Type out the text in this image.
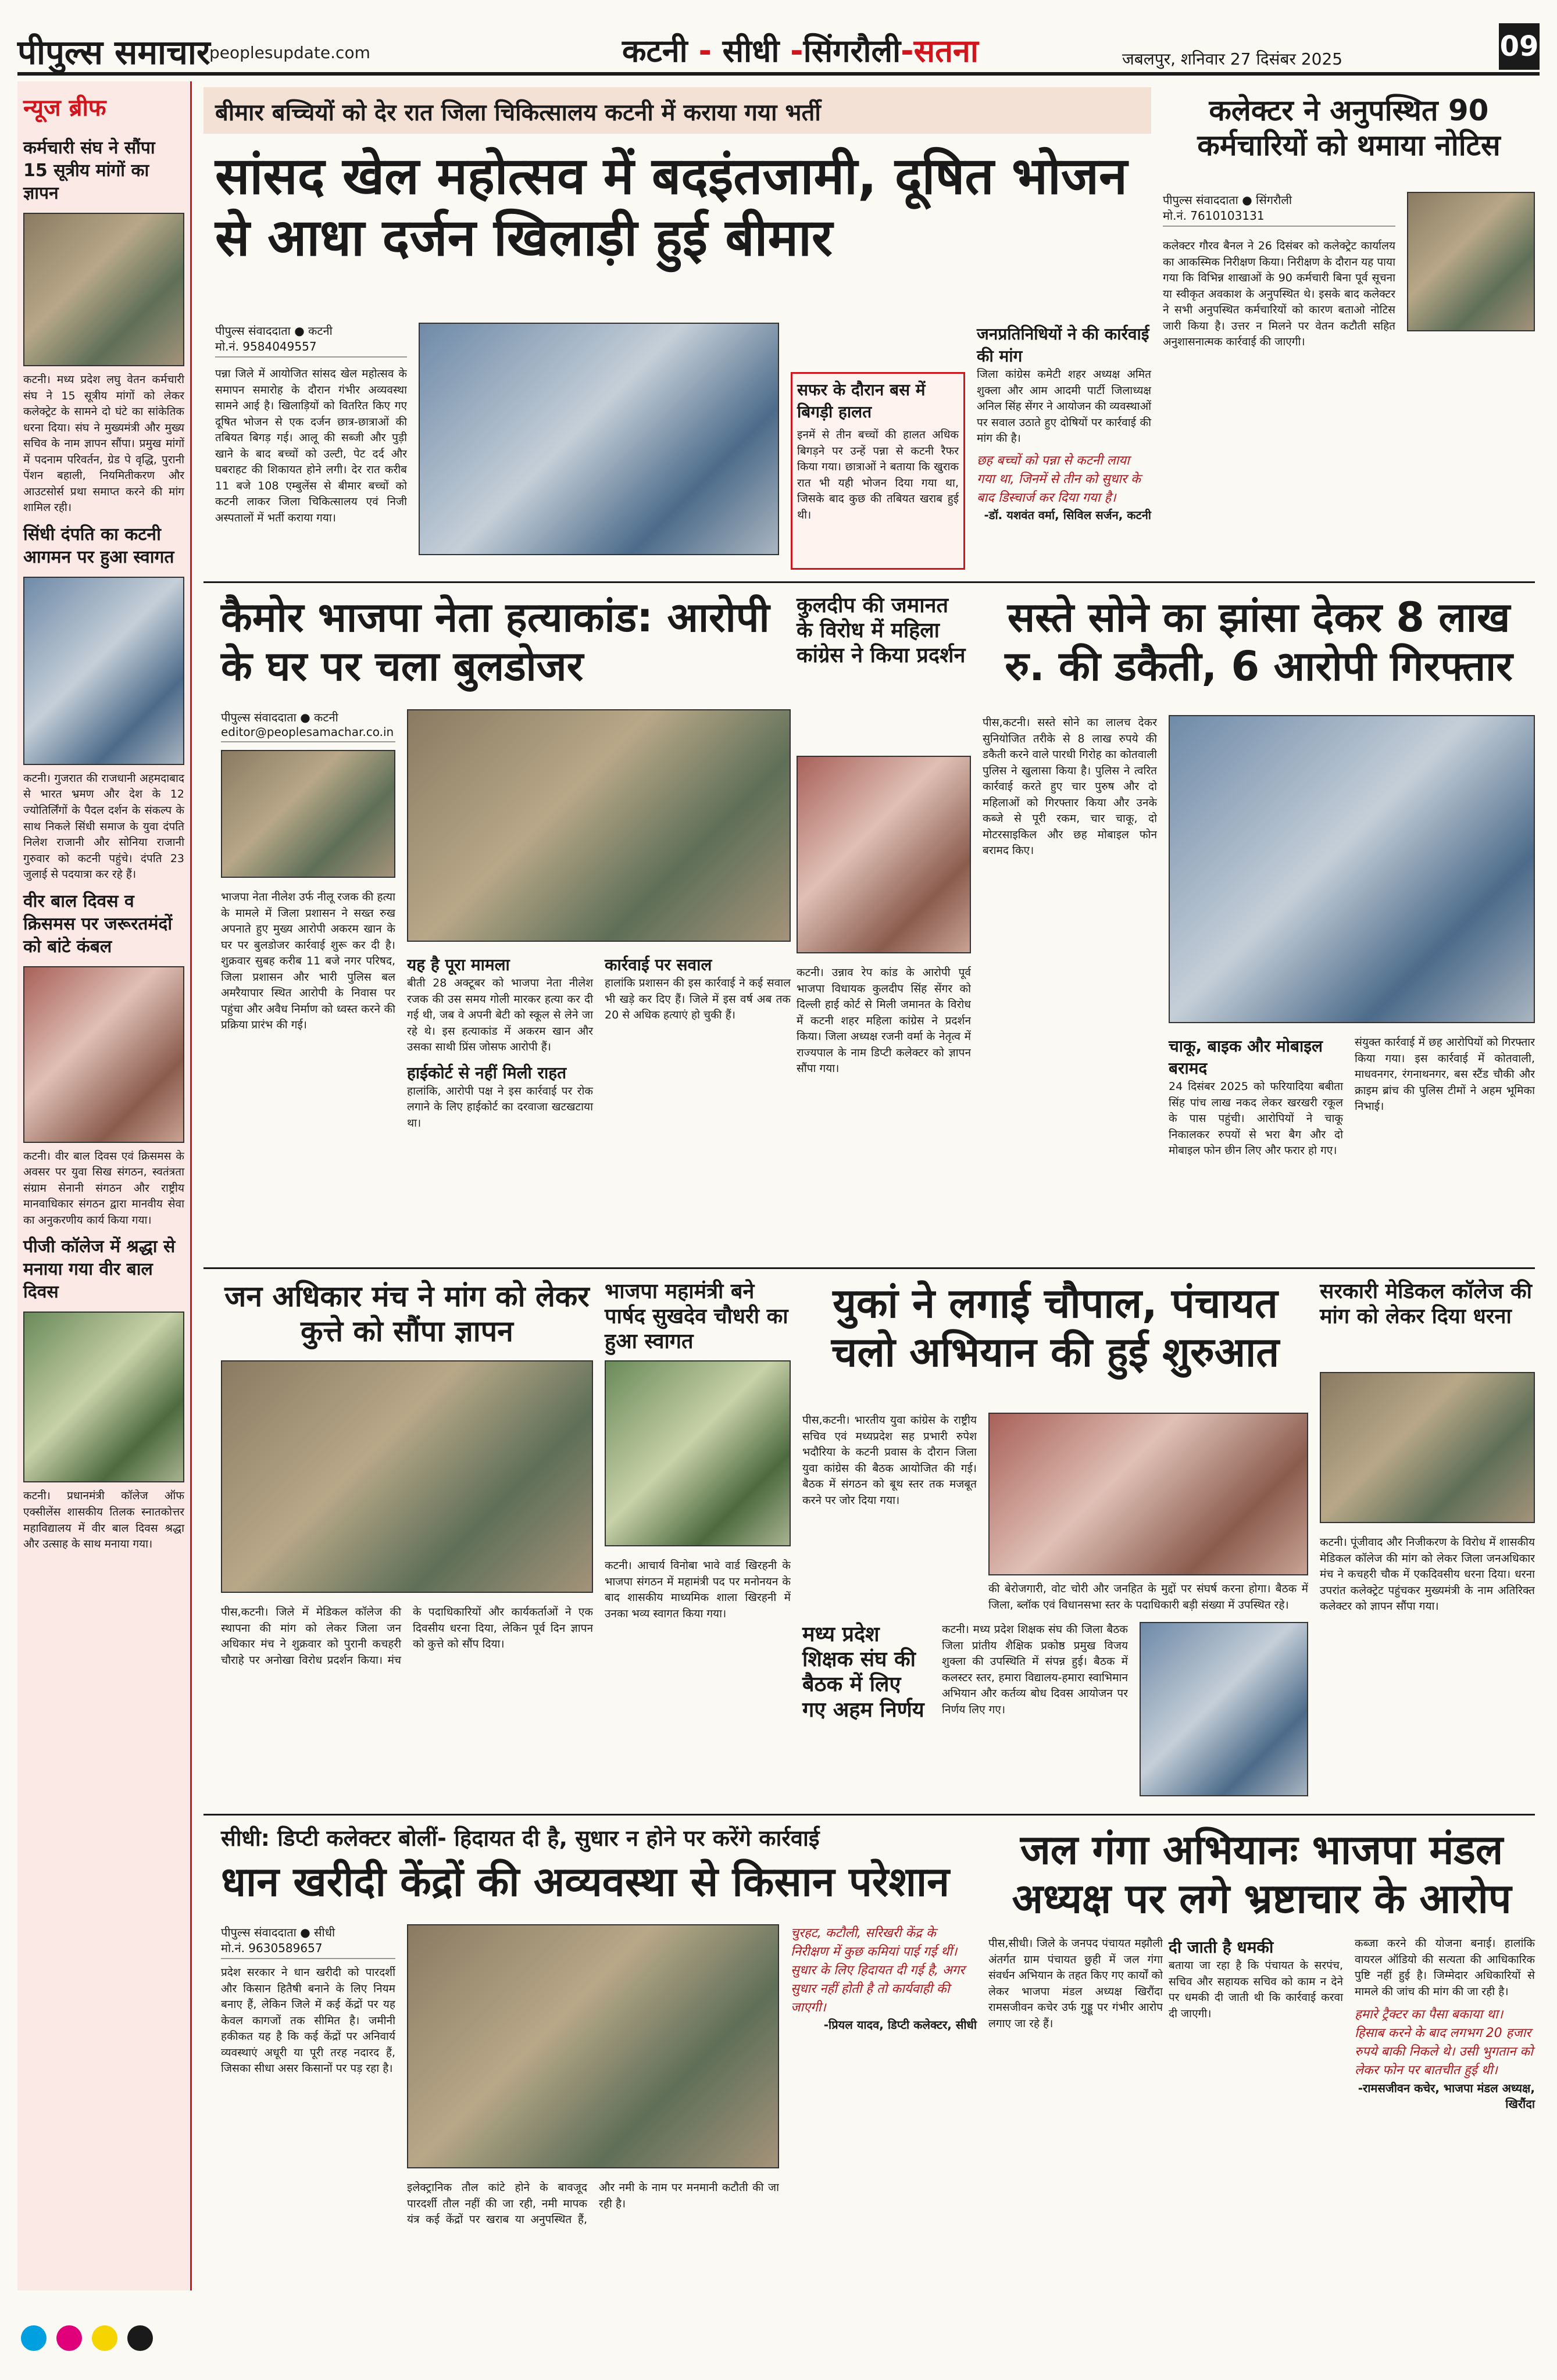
पीपुल्स समाचार
peoplesupdate.com	कटनी - सीधी -सिंगरौली-सतना	जबलपुर, शनिवार 27 दिसंबर 2025	09
न्यूज ब्रीफ
कर्मचारी संघ ने सौंपा 15 सूत्रीय मांगों का ज्ञापन
कटनी। मध्य प्रदेश लघु वेतन कर्मचारी संघ ने 15 सूत्रीय मांगों को लेकर कलेक्ट्रेट के सामने दो घंटे का सांकेतिक धरना दिया। संघ ने मुख्यमंत्री और मुख्य सचिव के नाम ज्ञापन सौंपा। प्रमुख मांगों में पदनाम परिवर्तन, ग्रेड पे वृद्धि, पुरानी पेंशन बहाली, नियमितीकरण और आउटसोर्स प्रथा समाप्त करने की मांग शामिल रही।
सिंधी दंपति का कटनी आगमन पर हुआ स्वागत
कटनी। गुजरात की राजधानी अहमदाबाद से भारत भ्रमण और देश के 12 ज्योतिर्लिंगों के पैदल दर्शन के संकल्प के साथ निकले सिंधी समाज के युवा दंपति निलेश राजानी और सोनिया राजानी गुरुवार को कटनी पहुंचे। दंपति 23 जुलाई से पदयात्रा कर रहे हैं।
वीर बाल दिवस व क्रिसमस पर जरूरतमंदों को बांटे कंबल
कटनी। वीर बाल दिवस एवं क्रिसमस के अवसर पर युवा सिख संगठन, स्वतंत्रता संग्राम सेनानी संगठन और राष्ट्रीय मानवाधिकार संगठन द्वारा मानवीय सेवा का अनुकरणीय कार्य किया गया।
पीजी कॉलेज में श्रद्धा से मनाया गया वीर बाल दिवस
कटनी। प्रधानमंत्री कॉलेज ऑफ एक्सीलेंस शासकीय तिलक स्नातकोत्तर महाविद्यालय में वीर बाल दिवस श्रद्धा और उत्साह के साथ मनाया गया।
बीमार बच्चियों को देर रात जिला चिकित्सालय कटनी में कराया गया भर्ती
सांसद खेल महोत्सव में बदइंतजामी, दूषित भोजन से आधा दर्जन खिलाड़ी हुई बीमार
पीपुल्स संवाददाता ● कटनी
मो.नं. 9584049557
पन्ना जिले में आयोजित सांसद खेल महोत्सव के समापन समारोह के दौरान गंभीर अव्यवस्था सामने आई है। खिलाड़ियों को वितरित किए गए दूषित भोजन से एक दर्जन छात्र-छात्राओं की तबियत बिगड़ गई। आलू की सब्जी और पुड़ी खाने के बाद बच्चों को उल्टी, पेट दर्द और घबराहट की शिकायत होने लगी। देर रात करीब 11 बजे 108 एम्बुलेंस से बीमार बच्चों को कटनी लाकर जिला चिकित्सालय एवं निजी अस्पतालों में भर्ती कराया गया।
सफर के दौरान बस में बिगड़ी हालत
इनमें से तीन बच्चों की हालत अधिक बिगड़ने पर उन्हें पन्ना से कटनी रैफर किया गया। छात्राओं ने बताया कि खुराक रात भी यही भोजन दिया गया था, जिसके बाद कुछ की तबियत खराब हुई थी।
जनप्रतिनिधियों ने की कार्रवाई की मांग
जिला कांग्रेस कमेटी शहर अध्यक्ष अमित शुक्ला और आम आदमी पार्टी जिलाध्यक्ष अनिल सिंह सेंगर ने आयोजन की व्यवस्थाओं पर सवाल उठाते हुए दोषियों पर कार्रवाई की मांग की है।
छह बच्चों को पन्ना से कटनी लाया गया था, जिनमें से तीन को सुधार के बाद डिस्चार्ज कर दिया गया है।
-डॉ. यशवंत वर्मा, सिविल सर्जन, कटनी
कलेक्टर ने अनुपस्थित 90 कर्मचारियों को थमाया नोटिस
पीपुल्स संवाददाता ● सिंगरौली
मो.नं. 7610103131
कलेक्टर गौरव बैनल ने 26 दिसंबर को कलेक्ट्रेट कार्यालय का आकस्मिक निरीक्षण किया। निरीक्षण के दौरान यह पाया गया कि विभिन्न शाखाओं के 90 कर्मचारी बिना पूर्व सूचना या स्वीकृत अवकाश के अनुपस्थित थे। इसके बाद कलेक्टर ने सभी अनुपस्थित कर्मचारियों को कारण बताओ नोटिस जारी किया है। उत्तर न मिलने पर वेतन कटौती सहित अनुशासनात्मक कार्रवाई की जाएगी।
कैमोर भाजपा नेता हत्याकांड: आरोपी के घर पर चला बुलडोजर
पीपुल्स संवाददाता ● कटनी
editor@peoplesamachar.co.in
भाजपा नेता नीलेश उर्फ नीलू रजक की हत्या के मामले में जिला प्रशासन ने सख्त रुख अपनाते हुए मुख्य आरोपी अकरम खान के घर पर बुलडोजर कार्रवाई शुरू कर दी है। शुक्रवार सुबह करीब 11 बजे नगर परिषद, जिला प्रशासन और भारी पुलिस बल अमरैयापार स्थित आरोपी के निवास पर पहुंचा और अवैध निर्माण को ध्वस्त करने की प्रक्रिया प्रारंभ की गई।
यह है पूरा मामला
बीती 28 अक्टूबर को भाजपा नेता नीलेश रजक की उस समय गोली मारकर हत्या कर दी गई थी, जब वे अपनी बेटी को स्कूल से लेने जा रहे थे। इस हत्याकांड में अकरम खान और उसका साथी प्रिंस जोसफ आरोपी हैं।
हाईकोर्ट से नहीं मिली राहत
हालांकि, आरोपी पक्ष ने इस कार्रवाई पर रोक लगाने के लिए हाईकोर्ट का दरवाजा खटखटाया था।
कार्रवाई पर सवाल
हालांकि प्रशासन की इस कार्रवाई ने कई सवाल भी खड़े कर दिए हैं। जिले में इस वर्ष अब तक 20 से अधिक हत्याएं हो चुकी हैं।
कुलदीप की जमानत के विरोध में महिला कांग्रेस ने किया प्रदर्शन
कटनी। उन्नाव रेप कांड के आरोपी पूर्व भाजपा विधायक कुलदीप सिंह सेंगर को दिल्ली हाई कोर्ट से मिली जमानत के विरोध में कटनी शहर महिला कांग्रेस ने प्रदर्शन किया। जिला अध्यक्ष रजनी वर्मा के नेतृत्व में राज्यपाल के नाम डिप्टी कलेक्टर को ज्ञापन सौंपा गया।
सस्ते सोने का झांसा देकर 8 लाख रु. की डकैती, 6 आरोपी गिरफ्तार
पीस,कटनी। सस्ते सोने का लालच देकर सुनियोजित तरीके से 8 लाख रुपये की डकैती करने वाले पारधी गिरोह का कोतवाली पुलिस ने खुलासा किया है। पुलिस ने त्वरित कार्रवाई करते हुए चार पुरुष और दो महिलाओं को गिरफ्तार किया और उनके कब्जे से पूरी रकम, चार चाकू, दो मोटरसाइकिल और छह मोबाइल फोन बरामद किए।
चाकू, बाइक और मोबाइल बरामद
24 दिसंबर 2025 को फरियादिया बबीता सिंह पांच लाख नकद लेकर खरखरी रकूल के पास पहुंची। आरोपियों ने चाकू निकालकर रुपयों से भरा बैग और दो मोबाइल फोन छीन लिए और फरार हो गए।
संयुक्त कार्रवाई में छह आरोपियों को गिरफ्तार किया गया। इस कार्रवाई में कोतवाली, माधवनगर, रंगनाथनगर, बस स्टैंड चौकी और क्राइम ब्रांच की पुलिस टीमों ने अहम भूमिका निभाई।
जन अधिकार मंच ने मांग को लेकर कुत्ते को सौंपा ज्ञापन
पीस,कटनी। जिले में मेडिकल कॉलेज की स्थापना की मांग को लेकर जिला जन अधिकार मंच ने शुक्रवार को पुरानी कचहरी चौराहे पर अनोखा विरोध प्रदर्शन किया। मंच के पदाधिकारियों और कार्यकर्ताओं ने एक दिवसीय धरना दिया, लेकिन पूर्व दिन ज्ञापन को कुत्ते को सौंप दिया।
भाजपा महामंत्री बने पार्षद सुखदेव चौधरी का हुआ स्वागत
कटनी। आचार्य विनोबा भावे वार्ड खिरहनी के भाजपा संगठन में महामंत्री पद पर मनोनयन के बाद शासकीय माध्यमिक शाला खिरहनी में उनका भव्य स्वागत किया गया।
युकां ने लगाई चौपाल, पंचायत चलो अभियान की हुई शुरुआत
पीस,कटनी। भारतीय युवा कांग्रेस के राष्ट्रीय सचिव एवं मध्यप्रदेश सह प्रभारी रुपेश भदौरिया के कटनी प्रवास के दौरान जिला युवा कांग्रेस की बैठक आयोजित की गई। बैठक में संगठन को बूथ स्तर तक मजबूत करने पर जोर दिया गया।
की बेरोजगारी, वोट चोरी और जनहित के मुद्दों पर संघर्ष करना होगा। बैठक में जिला, ब्लॉक एवं विधानसभा स्तर के पदाधिकारी बड़ी संख्या में उपस्थित रहे।
मध्य प्रदेश शिक्षक संघ की बैठक में लिए गए अहम निर्णय
कटनी। मध्य प्रदेश शिक्षक संघ की जिला बैठक जिला प्रांतीय शैक्षिक प्रकोष्ठ प्रमुख विजय शुक्ला की उपस्थिति में संपन्न हुई। बैठक में कलस्टर स्तर, हमारा विद्यालय-हमारा स्वाभिमान अभियान और कर्तव्य बोध दिवस आयोजन पर निर्णय लिए गए।
सरकारी मेडिकल कॉलेज की मांग को लेकर दिया धरना
कटनी। पूंजीवाद और निजीकरण के विरोध में शासकीय मेडिकल कॉलेज की मांग को लेकर जिला जनअधिकार मंच ने कचहरी चौक में एकदिवसीय धरना दिया। धरना उपरांत कलेक्ट्रेट पहुंचकर मुख्यमंत्री के नाम अतिरिक्त कलेक्टर को ज्ञापन सौंपा गया।
सीधी: डिप्टी कलेक्टर बोलीं- हिदायत दी है, सुधार न होने पर करेंगे कार्रवाई
धान खरीदी केंद्रों की अव्यवस्था से किसान परेशान
पीपुल्स संवाददाता ● सीधी
मो.नं. 9630589657
प्रदेश सरकार ने धान खरीदी को पारदर्शी और किसान हितैषी बनाने के लिए नियम बनाए हैं, लेकिन जिले में कई केंद्रों पर यह केवल कागजों तक सीमित है। जमीनी हकीकत यह है कि कई केंद्रों पर अनिवार्य व्यवस्थाएं अधूरी या पूरी तरह नदारद हैं, जिसका सीधा असर किसानों पर पड़ रहा है।
इलेक्ट्रानिक तौल कांटे होने के बावजूद पारदर्शी तौल नहीं की जा रही, नमी मापक यंत्र कई केंद्रों पर खराब या अनुपस्थित हैं, और नमी के नाम पर मनमानी कटौती की जा रही है।
चुरहट, कटौली, सरिखरी केंद्र के निरीक्षण में कुछ कमियां पाई गई थीं। सुधार के लिए हिदायत दी गई है, अगर सुधार नहीं होती है तो कार्यवाही की जाएगी।
-प्रियल यादव, डिप्टी कलेक्टर, सीधी
जल गंगा अभियानः भाजपा मंडल अध्यक्ष पर लगे भ्रष्टाचार के आरोप
पीस,सीधी। जिले के जनपद पंचायत मझौली अंतर्गत ग्राम पंचायत छुही में जल गंगा संवर्धन अभियान के तहत किए गए कार्यों को लेकर भाजपा मंडल अध्यक्ष खिरौंदा रामसजीवन कचेर उर्फ गुड्डू पर गंभीर आरोप लगाए जा रहे हैं।
दी जाती है धमकी
बताया जा रहा है कि पंचायत के सरपंच, सचिव और सहायक सचिव को काम न देने पर धमकी दी जाती थी कि कार्रवाई करवा दी जाएगी।
कब्जा करने की योजना बनाई। हालांकि वायरल ऑडियो की सत्यता की आधिकारिक पुष्टि नहीं हुई है। जिम्मेदार अधिकारियों से मामले की जांच की मांग की जा रही है।
हमारे ट्रैक्टर का पैसा बकाया था। हिसाब करने के बाद लगभग 20 हजार रुपये बाकी निकले थे। उसी भुगतान को लेकर फोन पर बातचीत हुई थी।
-रामसजीवन कचेर, भाजपा मंडल अध्यक्ष, खिरौंदा
